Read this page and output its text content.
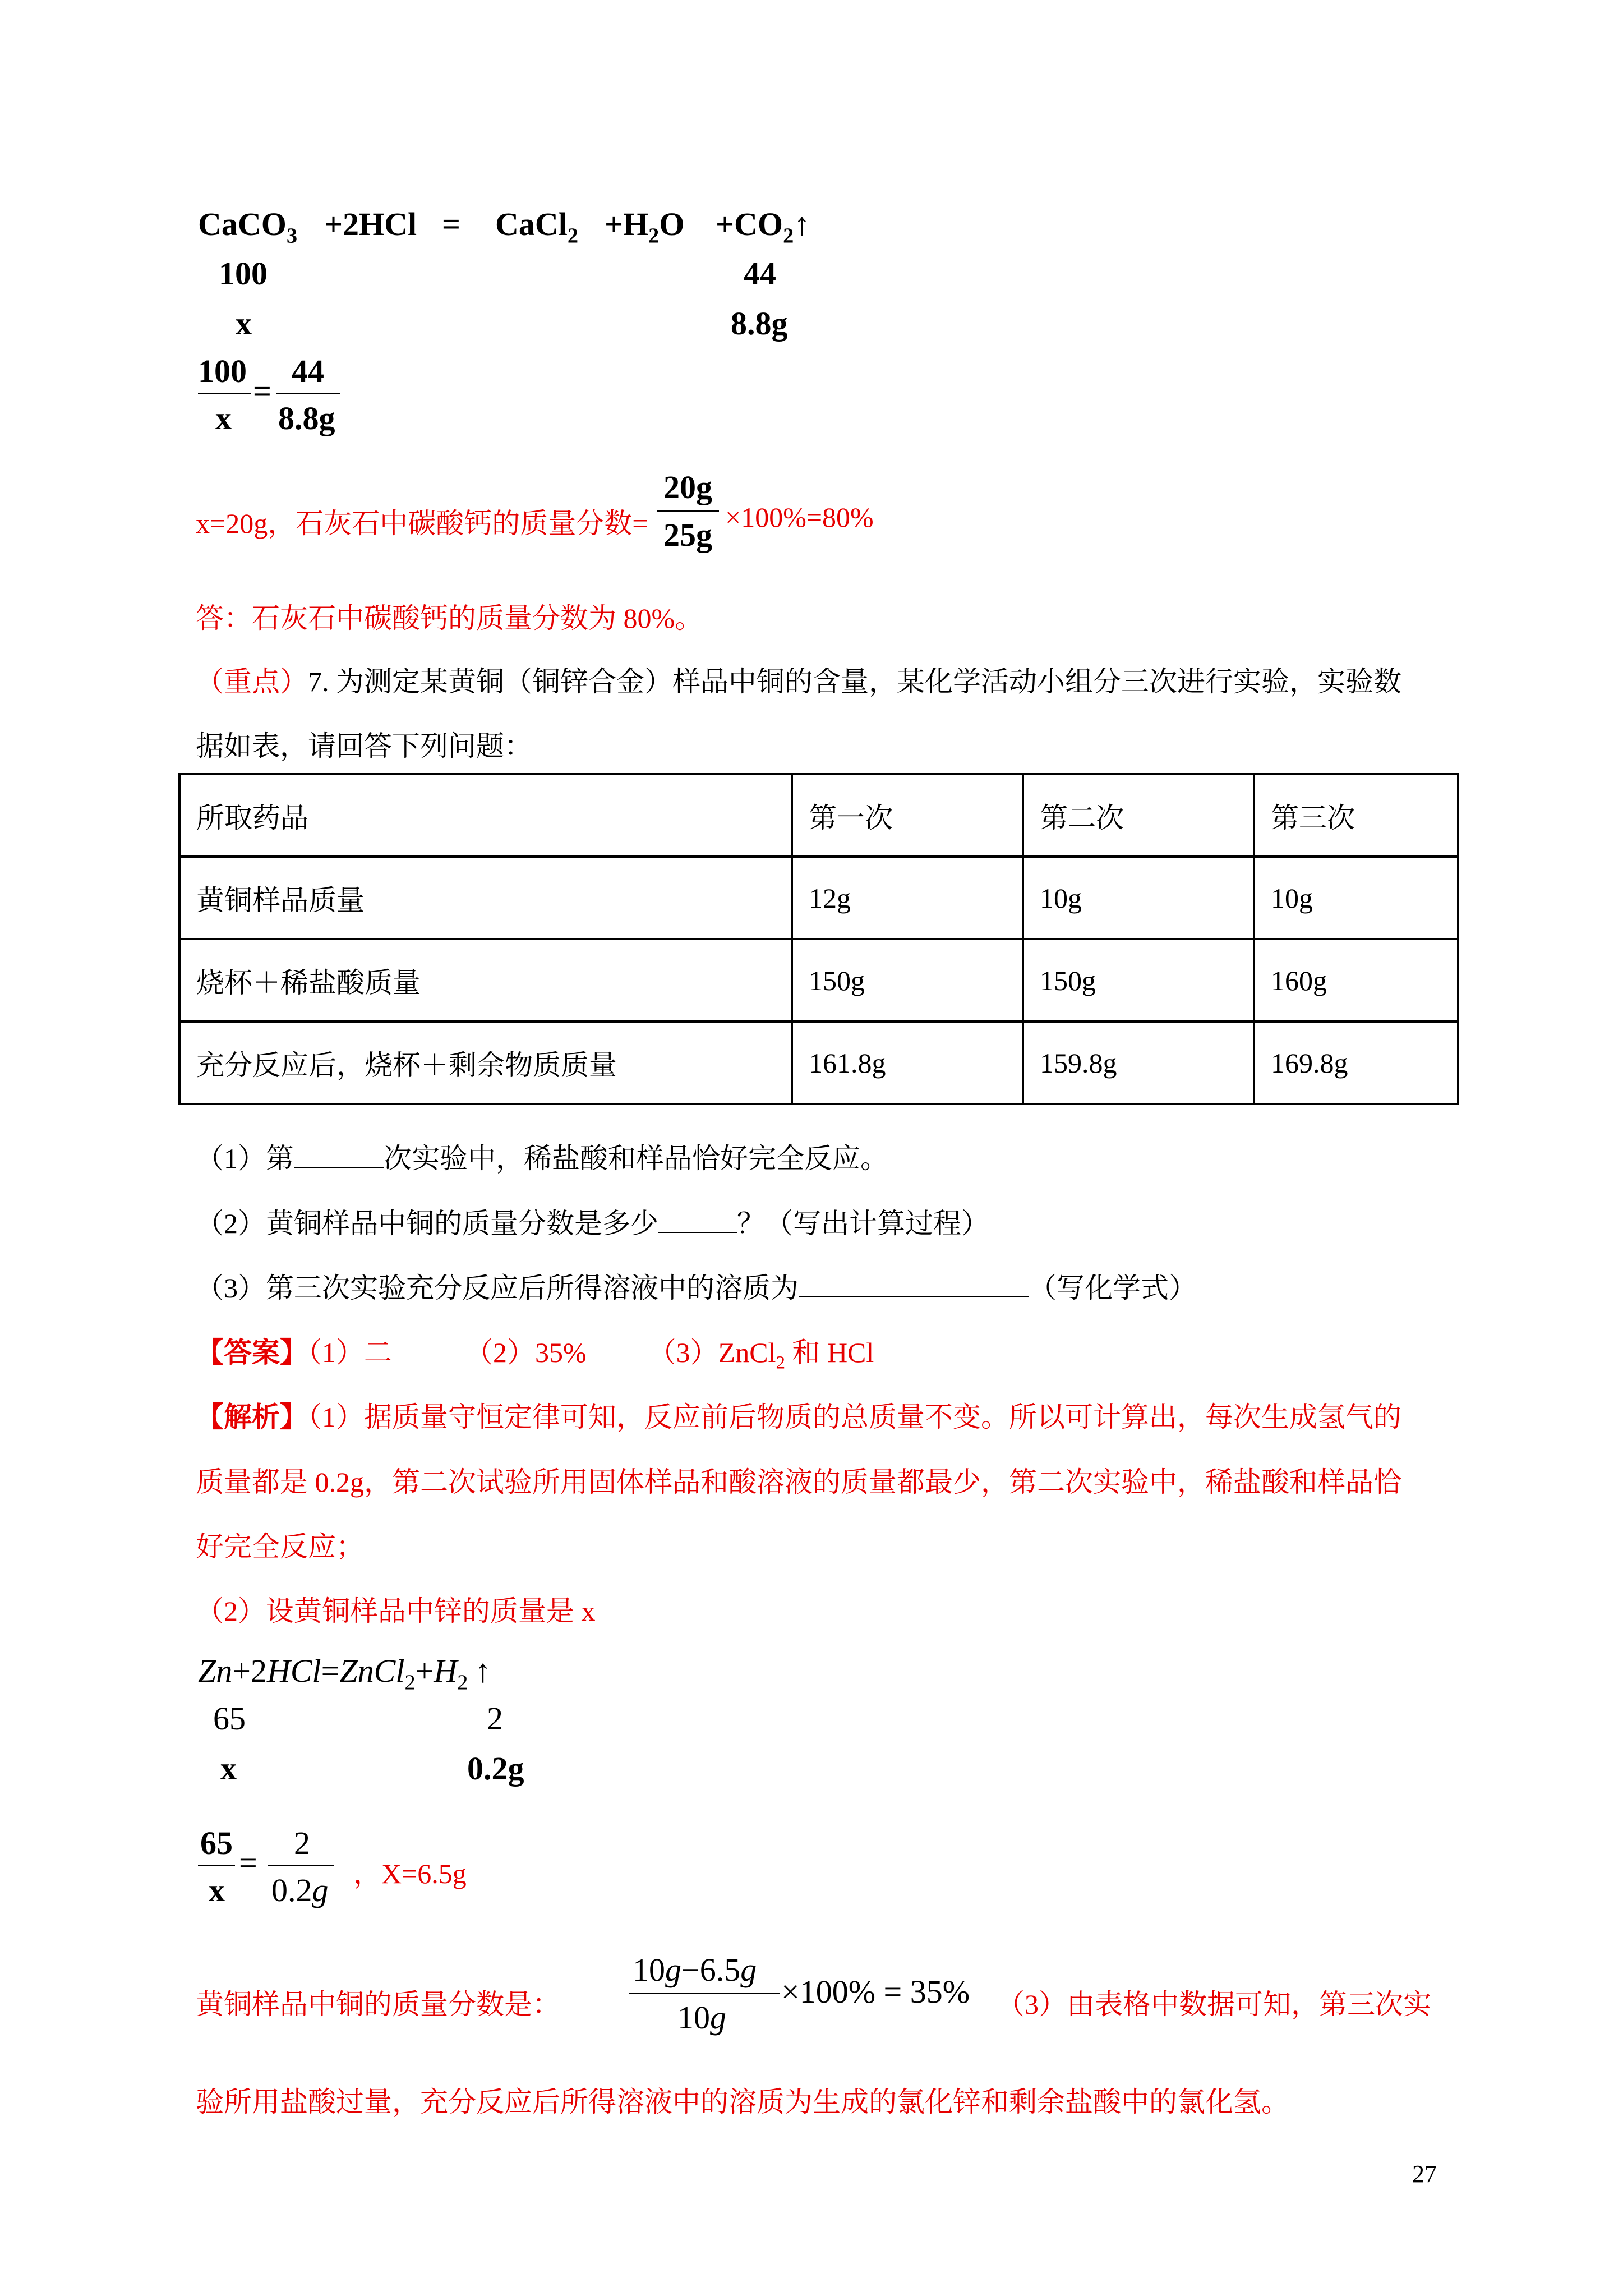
CaCO$_3$ +2HCl = CaCl$_2$ $+H_2O$ $+CO_2↑$
100	44
x	8.8g
100
x
=
44
8.8g
x=20g，石灰石中碳酸钙的质量分数=
20g
25g ×100%=80%
答：石灰石中碳酸钙的质量分数为 80%。
（重点）7. 为测定某黄铜（铜锌合金）样品中铜的含量，某化学活动小组分三次进行实验，实验数
据如表，请回答下列问题：
所取药品	第一次	第二次	第三次
黄铜样品质量	12g	10g	10g
烧杯＋稀盐酸质量	150g	150g	160g
充分反应后，烧杯＋剩余物质质量	161.8g	159.8g	169.8g
（1）第	次实验中，稀盐酸和样品恰好完全反应。
（2）黄铜样品中铜的质量分数是多少	？（写出计算过程）
（3）第三次实验充分反应后所得溶液中的溶质为	（写化学式）
【答案】（1）二	（2）35% （3）ZnCl$_2$ 和 HCl
【解析】（1）据质量守恒定律可知，反应前后物质的总质量不变。所以可计算出，每次生成氢气的
质量都是 0.2g，第二次试验所用固体样品和酸溶液的质量都最少，第二次实验中，稀盐酸和样品恰
好完全反应；
（2）设黄铜样品中锌的质量是 x
$Zn+2HCl=ZnCl_2+H_2$ ↑
65	2
x	0.2g
65
x
=
2
0.2g ，X=6.5g
黄铜样品中铜的质量分数是：
10g−6.5g
10g
×100% = 35% （3）由表格中数据可知，第三次实
验所用盐酸过量，充分反应后所得溶液中的溶质为生成的氯化锌和剩余盐酸中的氯化氢。
27
